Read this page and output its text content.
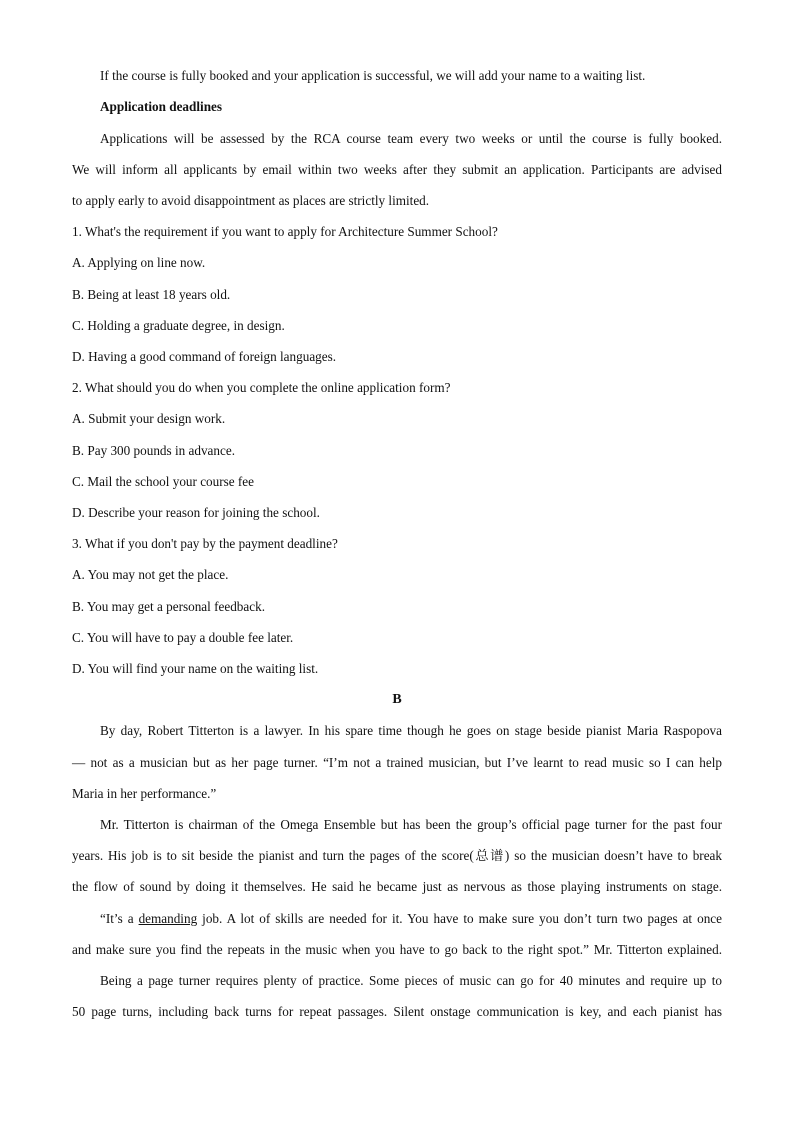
If the course is fully booked and your application is successful, we will add your name to a waiting list.
Application deadlines
Applications will be assessed by the RCA course team every two weeks or until the course is fully booked.
We will inform all applicants by email within two weeks after they submit an application. Participants are advised
to apply early to avoid disappointment as places are strictly limited.
1. What's the requirement if you want to apply for Architecture Summer School?
A. Applying on line now.
B. Being at least 18 years old.
C. Holding a graduate degree, in design.
D. Having a good command of foreign languages.
2. What should you do when you complete the online application form?
A. Submit your design work.
B. Pay 300 pounds in advance.
C. Mail the school your course fee
D. Describe your reason for joining the school.
3. What if you don't pay by the payment deadline?
A. You may not get the place.
B. You may get a personal feedback.
C. You will have to pay a double fee later.
D. You will find your name on the waiting list.
B
By day, Robert Titterton is a lawyer. In his spare time though he goes on stage beside pianist Maria Raspopova
— not as a musician but as her page turner. “I’m not a trained musician, but I’ve learnt to read music so I can help
Maria in her performance.”
Mr. Titterton is chairman of the Omega Ensemble but has been the group’s official page turner for the past four
years. His job is to sit beside the pianist and turn the pages of the score(总谱) so the musician doesn’t have to break
the flow of sound by doing it themselves. He said he became just as nervous as those playing instruments on stage.
“It’s a demanding job. A lot of skills are needed for it. You have to make sure you don’t turn two pages at once
and make sure you find the repeats in the music when you have to go back to the right spot.” Mr. Titterton explained.
Being a page turner requires plenty of practice. Some pieces of music can go for 40 minutes and require up to
50 page turns, including back turns for repeat passages. Silent onstage communication is key, and each pianist has
